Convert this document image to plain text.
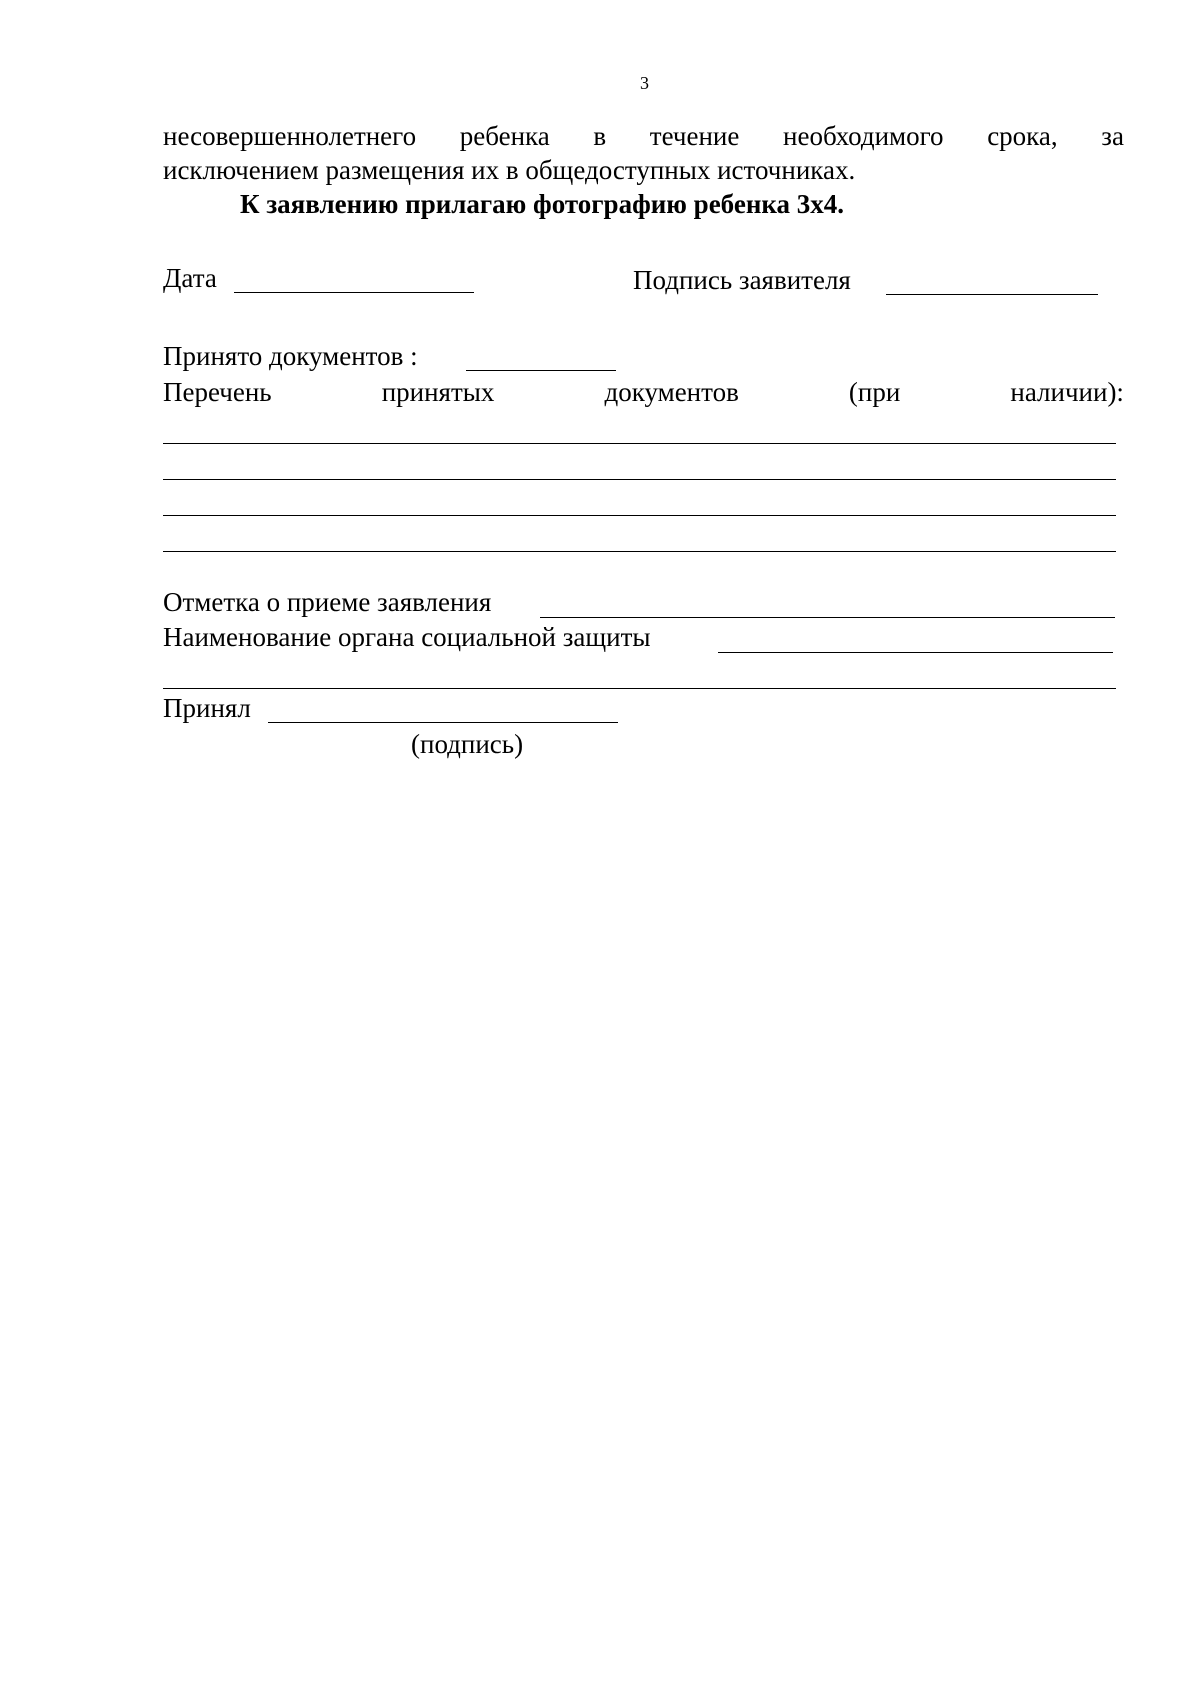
3
несовершеннолетнего ребенка в течение необходимого срока, за
исключением размещения их в общедоступных источниках.
К заявлению прилагаю фотографию ребенка 3х4.
Дата	Подпись заявителя
Принято документов :
Перечень	принятых	документов	(при	наличии):
Отметка о приеме заявления
Наименование органа социальной защиты
Принял
(подпись)
